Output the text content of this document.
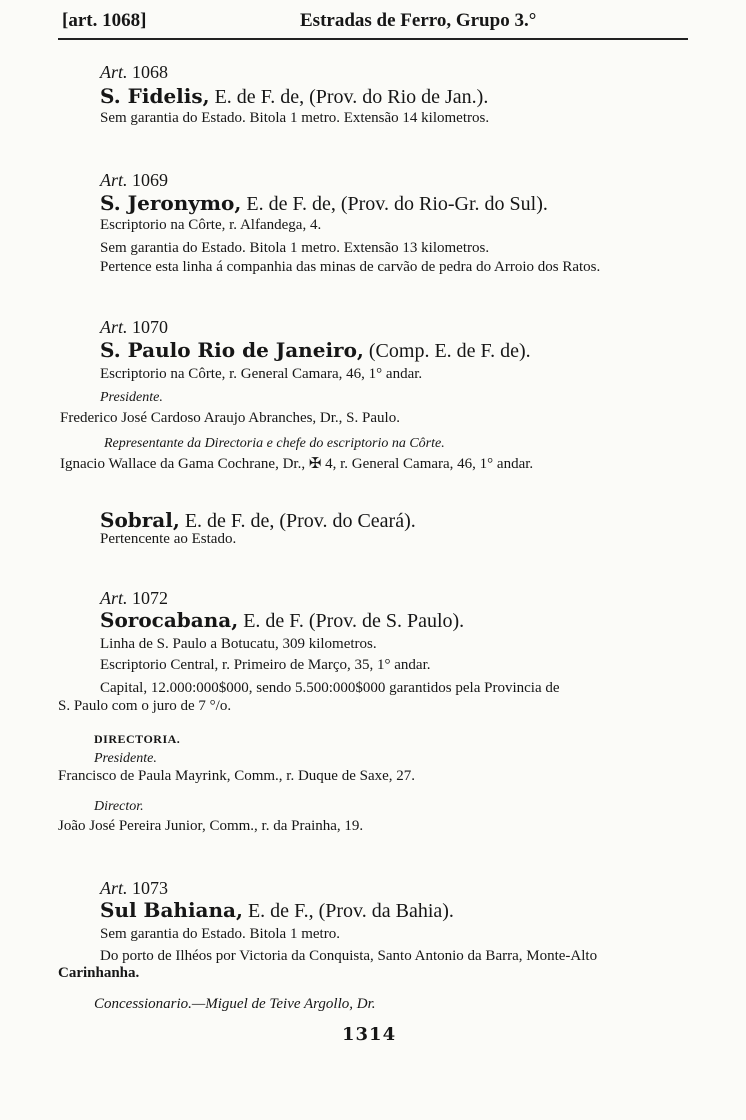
[art. 1068]	Estradas de Ferro, Grupo 3.°
Art. 1068
S. Fidelis, E. de F. de, (Prov. do Rio de Jan.).
Sem garantia do Estado. Bitola 1 metro. Extensão 14 kilometros.
Art. 1069
S. Jeronymo, E. de F. de, (Prov. do Rio-Gr. do Sul).
Escriptorio na Côrte, r. Alfandega, 4.
Sem garantia do Estado. Bitola 1 metro. Extensão 13 kilometros.
Pertence esta linha á companhia das minas de carvão de pedra do Arroio dos Ratos.
Art. 1070
S. Paulo Rio de Janeiro, (Comp. E. de F. de).
Escriptorio na Côrte, r. General Camara, 46, 1° andar.
Presidente.
Frederico José Cardoso Araujo Abranches, Dr., S. Paulo.
Representante da Directoria e chefe do escriptorio na Côrte.
Ignacio Wallace da Gama Cochrane, Dr., ✠ 4, r. General Camara, 46, 1° andar.
Sobral, E. de F. de, (Prov. do Ceará).
Pertencente ao Estado.
Art. 1072
Sorocabana, E. de F. (Prov. de S. Paulo).
Linha de S. Paulo a Botucatu, 309 kilometros.
Escriptorio Central, r. Primeiro de Março, 35, 1° andar.
Capital, 12.000:000$000, sendo 5.500:000$000 garantidos pela Provincia de
S. Paulo com o juro de 7 °/o.
DIRECTORIA.
Presidente.
Francisco de Paula Mayrink, Comm., r. Duque de Saxe, 27.
Director.
João José Pereira Junior, Comm., r. da Prainha, 19.
Art. 1073
Sul Bahiana, E. de F., (Prov. da Bahia).
Sem garantia do Estado. Bitola 1 metro.
Do porto de Ilhéos por Victoria da Conquista, Santo Antonio da Barra, Monte-Alto
Carinhanha.
Concessionario.—Miguel de Teive Argollo, Dr.
1314
